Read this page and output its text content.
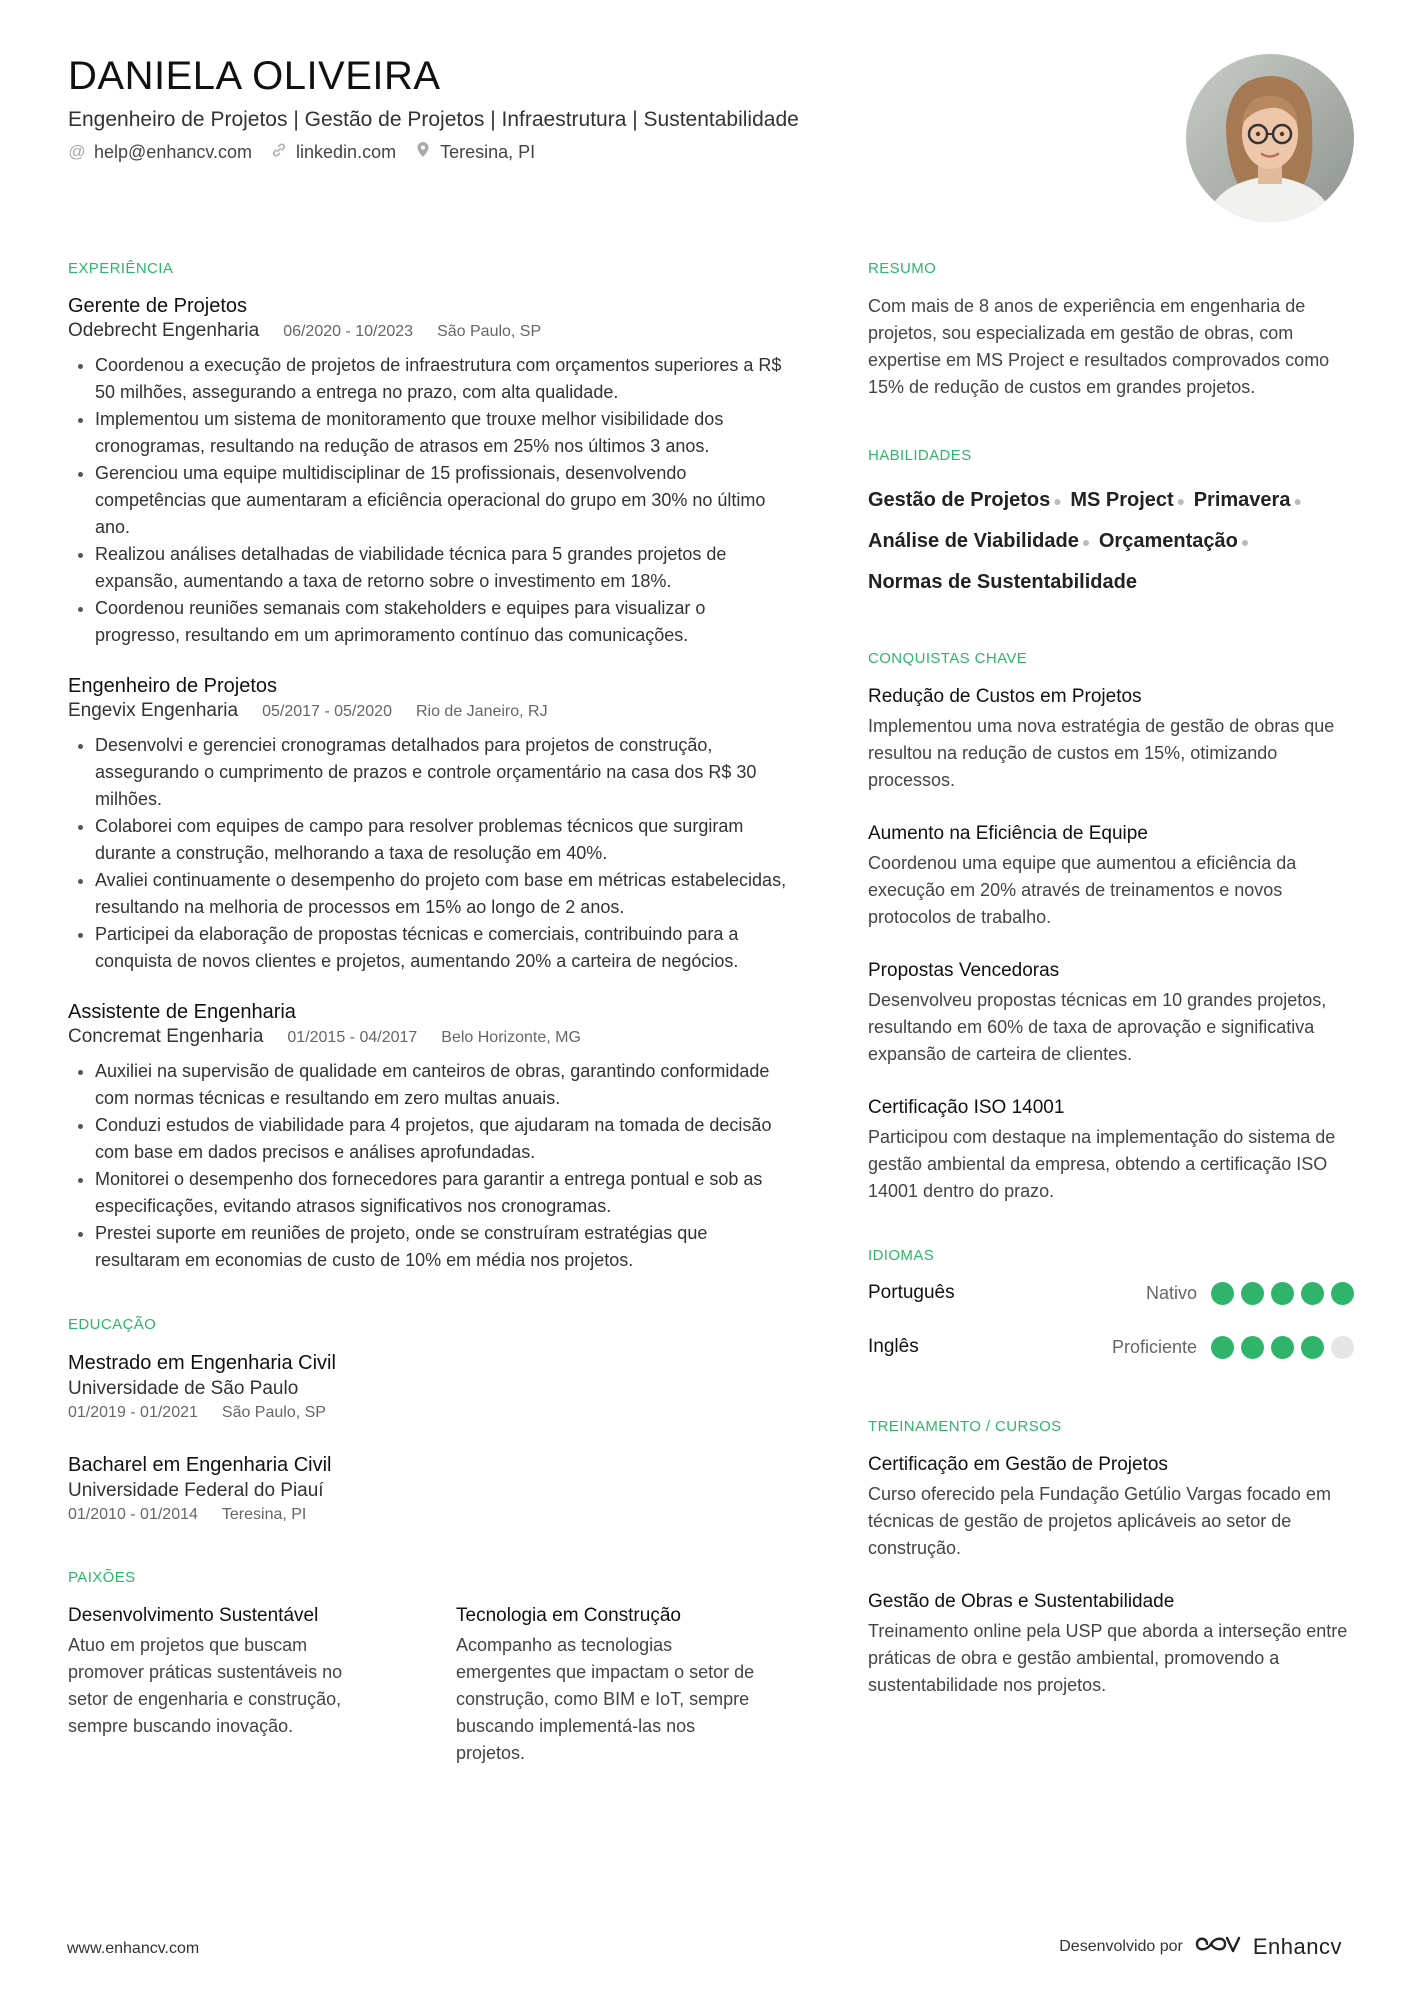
DANIELA OLIVEIRA
Engenheiro de Projetos | Gestão de Projetos | Infraestrutura | Sustentabilidade
@ help@enhancv.com linkedin.com Teresina, PI
EXPERIÊNCIA
Gerente de Projetos
Odebrecht Engenharia 06/2020 - 10/2023 São Paulo, SP
• Coordenou a execução de projetos de infraestrutura com orçamentos superiores a R$ 50 milhões, assegurando a entrega no prazo, com alta qualidade.
• Implementou um sistema de monitoramento que trouxe melhor visibilidade dos cronogramas, resultando na redução de atrasos em 25% nos últimos 3 anos.
• Gerenciou uma equipe multidisciplinar de 15 profissionais, desenvolvendo competências que aumentaram a eficiência operacional do grupo em 30% no último ano.
• Realizou análises detalhadas de viabilidade técnica para 5 grandes projetos de expansão, aumentando a taxa de retorno sobre o investimento em 18%.
• Coordenou reuniões semanais com stakeholders e equipes para visualizar o progresso, resultando em um aprimoramento contínuo das comunicações.
Engenheiro de Projetos
Engevix Engenharia 05/2017 - 05/2020 Rio de Janeiro, RJ
• Desenvolvi e gerenciei cronogramas detalhados para projetos de construção, assegurando o cumprimento de prazos e controle orçamentário na casa dos R$ 30 milhões.
• Colaborei com equipes de campo para resolver problemas técnicos que surgiram durante a construção, melhorando a taxa de resolução em 40%.
• Avaliei continuamente o desempenho do projeto com base em métricas estabelecidas, resultando na melhoria de processos em 15% ao longo de 2 anos.
• Participei da elaboração de propostas técnicas e comerciais, contribuindo para a conquista de novos clientes e projetos, aumentando 20% a carteira de negócios.
Assistente de Engenharia
Concremat Engenharia 01/2015 - 04/2017 Belo Horizonte, MG
• Auxiliei na supervisão de qualidade em canteiros de obras, garantindo conformidade com normas técnicas e resultando em zero multas anuais.
• Conduzi estudos de viabilidade para 4 projetos, que ajudaram na tomada de decisão com base em dados precisos e análises aprofundadas.
• Monitorei o desempenho dos fornecedores para garantir a entrega pontual e sob as especificações, evitando atrasos significativos nos cronogramas.
• Prestei suporte em reuniões de projeto, onde se construíram estratégias que resultaram em economias de custo de 10% em média nos projetos.
EDUCAÇÃO
Mestrado em Engenharia Civil
Universidade de São Paulo
01/2019 - 01/2021 São Paulo, SP
Bacharel em Engenharia Civil
Universidade Federal do Piauí
01/2010 - 01/2014 Teresina, PI
PAIXÕES
Desenvolvimento Sustentável
Atuo em projetos que buscam promover práticas sustentáveis no setor de engenharia e construção, sempre buscando inovação.
Tecnologia em Construção
Acompanho as tecnologias emergentes que impactam o setor de construção, como BIM e IoT, sempre buscando implementá-las nos projetos.
RESUMO

Com mais de 8 anos de experiência em engenharia de projetos, sou especializada em gestão de obras, com expertise em MS Project e resultados comprovados como 15% de redução de custos em grandes projetos.

HABILIDADES
Gestão de Projetos ● MS Project ● Primavera ●
Análise de Viabilidade ● Orçamentação ●
Normas de Sustentabilidade
CONQUISTAS CHAVE
Redução de Custos em Projetos

Implementou uma nova estratégia de gestão de obras que resultou na redução de custos em 15%, otimizando processos.

Aumento na Eficiência de Equipe

Coordenou uma equipe que aumentou a eficiência da execução em 20% através de treinamentos e novos protocolos de trabalho.

Propostas Vencedoras

Desenvolveu propostas técnicas em 10 grandes projetos, resultando em 60% de taxa de aprovação e significativa expansão de carteira de clientes.

Certificação ISO 14001

Participou com destaque na implementação do sistema de gestão ambiental da empresa, obtendo a certificação ISO 14001 dentro do prazo.

IDIOMAS
Português	Nativo
Inglês	Proficiente
TREINAMENTO / CURSOS
Certificação em Gestão de Projetos

Curso oferecido pela Fundação Getúlio Vargas focado em técnicas de gestão de projetos aplicáveis ao setor de construção.

Gestão de Obras e Sustentabilidade

Treinamento online pela USP que aborda a interseção entre práticas de obra e gestão ambiental, promovendo a sustentabilidade nos projetos.

www.enhancv.com	Desenvolvido por	Enhancv
